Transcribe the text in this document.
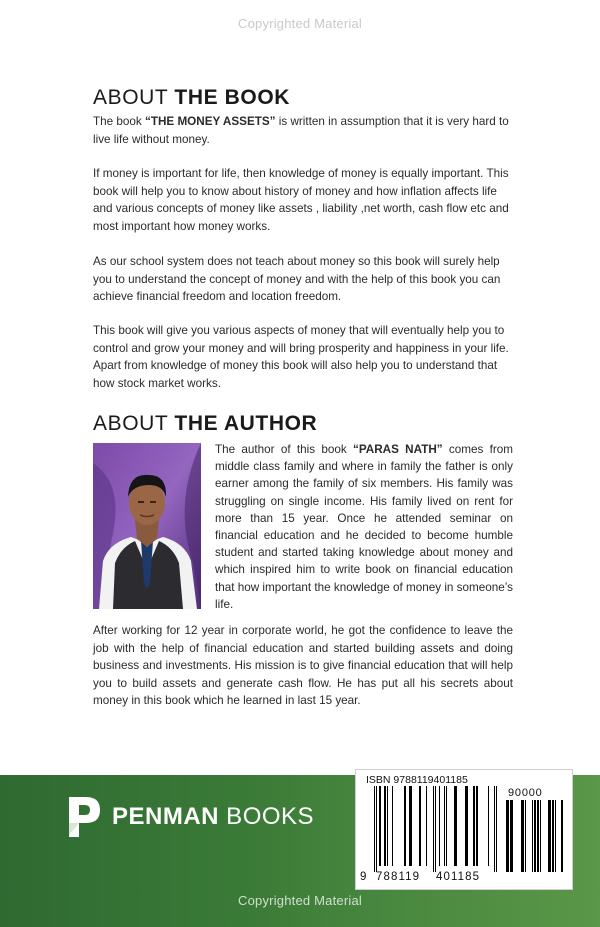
Copyrighted Material
ABOUT THE BOOK

The book “THE MONEY ASSETS” is written in assumption that it is very hard to live life without money.

If money is important for life, then knowledge of money is equally important. This book will help you to know about history of money and how inflation affects life and various concepts of money like assets , liability ,net worth, cash flow etc and most important how money works.

As our school system does not teach about money so this book will surely help you to understand the concept of money and with the help of this book you can achieve financial freedom and location freedom.

This book will give you various aspects of money that will eventually help you to control and grow your money and will bring prosperity and happiness in your life. Apart from knowledge of money this book will also help you to understand that how stock market works.

ABOUT THE AUTHOR

The author of this book “PARAS NATH” comes from middle class family and where in family the father is only earner among the family of six members. His family was struggling on single income. His family lived on rent for more than 15 year. Once he attended seminar on financial education and he decided to become humble student and started taking knowledge about money and which inspired him to write book on financial education that how important the knowledge of money in someone’s life.

After working for 12 year in corporate world, he got the confidence to leave the job with the help of financial education and started building assets and doing business and investments. His mission is to give financial education that will help you to build assets and generate cash flow. He has put all his secrets about money in this book which he learned in last 15 year.

PENMAN BOOKS
ISBN 9788119401185
90000
9 788119 401185
Copyrighted Material
